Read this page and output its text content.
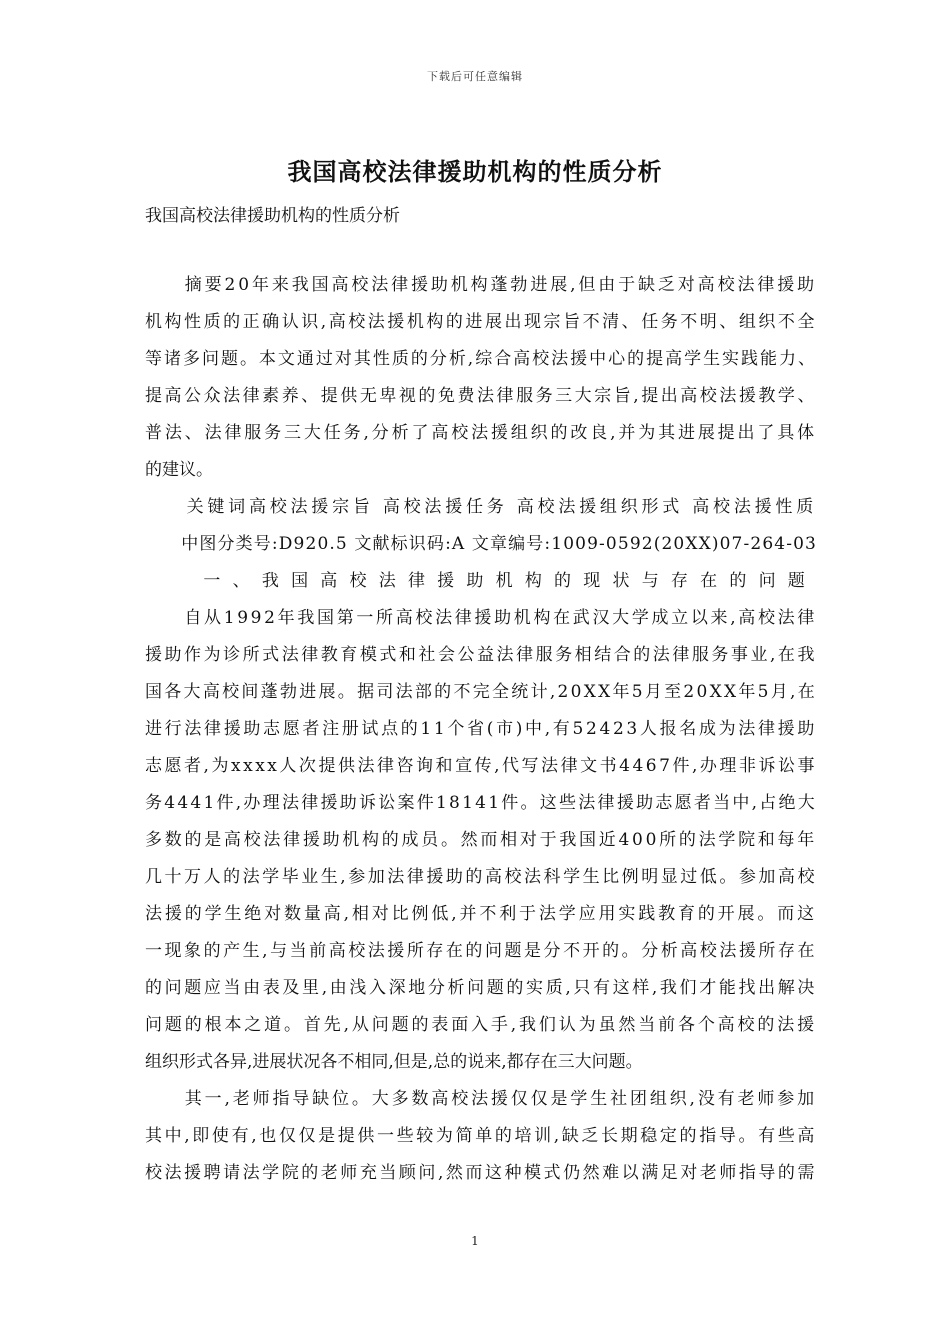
下载后可任意编辑
我国高校法律援助机构的性质分析
我国高校法律援助机构的性质分析
　　摘要20年来我国高校法律援助机构蓬勃进展,但由于缺乏对高校法律援助
机构性质的正确认识,高校法援机构的进展出现宗旨不清、任务不明、组织不全
等诸多问题。本文通过对其性质的分析,综合高校法援中心的提高学生实践能力、
提高公众法律素养、提供无卑视的免费法律服务三大宗旨,提出高校法援教学、
普法、法律服务三大任务,分析了高校法援组织的改良,并为其进展提出了具体
的建议。
　　关键词高校法援宗旨 高校法援任务 高校法援组织形式 高校法援性质
　　中图分类号:D920.5 文献标识码:A 文章编号:1009-0592(20XX)07-264-03
　　一、我国高校法律援助机构的现状与存在的问题
　　自从1992年我国第一所高校法律援助机构在武汉大学成立以来,高校法律
援助作为诊所式法律教育模式和社会公益法律服务相结合的法律服务事业,在我
国各大高校间蓬勃进展。据司法部的不完全统计,20XX年5月至20XX年5月,在
进行法律援助志愿者注册试点的11个省(市)中,有52423人报名成为法律援助
志愿者,为xxxx人次提供法律咨询和宣传,代写法律文书4467件,办理非诉讼事
务4441件,办理法律援助诉讼案件18141件。这些法律援助志愿者当中,占绝大
多数的是高校法律援助机构的成员。然而相对于我国近400所的法学院和每年
几十万人的法学毕业生,参加法律援助的高校法科学生比例明显过低。参加高校
法援的学生绝对数量高,相对比例低,并不利于法学应用实践教育的开展。而这
一现象的产生,与当前高校法援所存在的问题是分不开的。分析高校法援所存在
的问题应当由表及里,由浅入深地分析问题的实质,只有这样,我们才能找出解决
问题的根本之道。首先,从问题的表面入手,我们认为虽然当前各个高校的法援
组织形式各异,进展状况各不相同,但是,总的说来,都存在三大问题。
　　其一,老师指导缺位。大多数高校法援仅仅是学生社团组织,没有老师参加
其中,即使有,也仅仅是提供一些较为简单的培训,缺乏长期稳定的指导。有些高
校法援聘请法学院的老师充当顾问,然而这种模式仍然难以满足对老师指导的需
1
